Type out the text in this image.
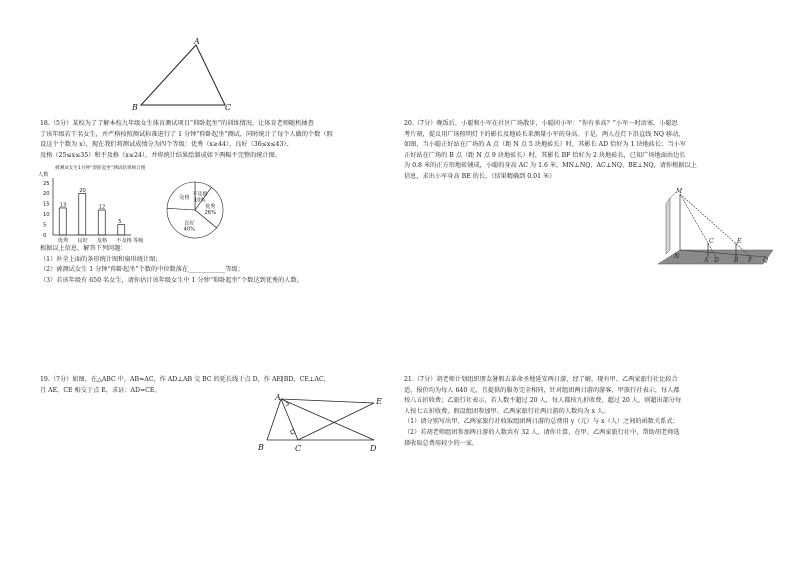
A
B	C
18.（5分）某校为了了解本校九年级女生体育测试项目“仰卧起坐”的训练情况，让体育老师随机抽查
了该年级若干名女生，并严格按照测试标准进行了 1 分钟“仰卧起坐”测试，同时统计了每个人做的个数（假
设这个个数为 x），现在我们将测试成绩分为四个等级：优秀（x≥44）、良好（36≤x≤43）、
及格（25≤x≤35）和不及格（x≤24），并将统计结果绘制成如下两幅不完整的统计图。
被测试女生1分钟“仰卧起坐”测试结果统计图
人数
0
5
10
15
20
25
13
20
12
5
优秀 良好 及格 不及格 等级
不及格
10%
优秀
26%
良好
40%
及格
根据以上信息，解答下列问题：
（1）补全上面的条形统计图和扇形统计图；
（2）被测试女生 1 分钟“仰卧起坐”个数的中位数落在____________等级；
（3）若该年级有 650 名女生，请你估计该年级女生中 1 分钟“仰卧起坐”个数达到优秀的人数。
19.（7分）如图，在△ABC 中，AB=AC，作 AD⊥AB 交 BC 的延长线于点 D，作 AE∥BD，CE⊥AC，
且 AE、CE 相交于点 E，求证：AD=CE。
A
B	C	D
E
20.（7分）晚饭后，小聪和小军在社区广场散步，小聪问小军：“你有多高？”小军一时语塞。小聪思
考片刻，提议用广场照明灯下的影长及地砖长来测量小军的身高。于是，两人在灯下沿直线 NQ 移动，
如图，当小聪正好站在广场的 A 点（距 N 点 5 块地砖长）时，其影长 AD 恰好为 1 块地砖长；当小军
正好站在广场的 B 点（距 N 点 9 块地砖长）时，其影长 BF 恰好为 2 块地砖长，已知广场地面由边长
为 0.8 米的正方形地砖铺成，小聪的身高 AC 为 1.6 米，MN⊥NQ，AC⊥NQ，BE⊥NQ，请你根据以上
信息，求出小军身高 BE 的长。（结果精确到 0.01 米）
M
N
A D	B F Q
C	E
21.（7分）胡老师计划组织朋友暑假去革命圣地延安两日游，经了解，现有甲、乙两家旅行社比较合
适，报价均为每人 640 元，且提供的服务完全相同，针对组团两日游的游客，甲旅行社表示，每人都
按八五折收费；乙旅行社表示，若人数不超过 20 人，每人都按九折收费，超过 20 人，则超出部分每
人按七五折收费，假设组团参加甲、乙两家旅行社两日游的人数均为 x 人。
（1）请分别写出甲、乙两家旅行社收取组团两日游的总费用 y（元）与 x（人）之间的函数关系式；
（2）若胡老师组团参加两日游的人数共有 32 人，请你计算，在甲、乙两家旅行社中，帮助胡老师选
择收取总费用较少的一家。
